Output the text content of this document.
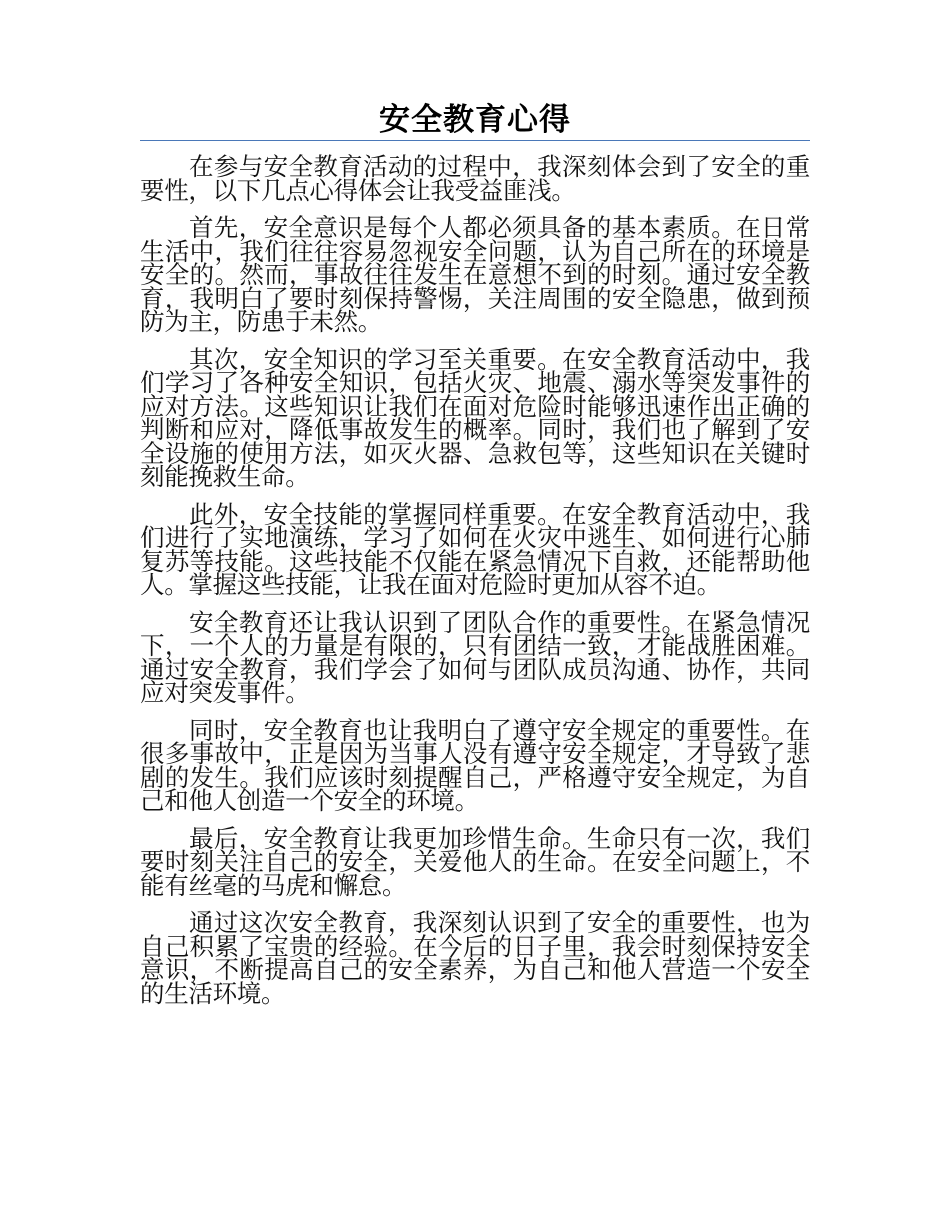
安全教育心得

在参与安全教育活动的过程中，我深刻体会到了安全的重要性，以下几点心得体会让我受益匪浅。

首先，安全意识是每个人都必须具备的基本素质。在日常生活中，我们往往容易忽视安全问题，认为自己所在的环境是安全的。然而，事故往往发生在意想不到的时刻。通过安全教育，我明白了要时刻保持警惕，关注周围的安全隐患，做到预防为主，防患于未然。

其次，安全知识的学习至关重要。在安全教育活动中，我们学习了各种安全知识，包括火灾、地震、溺水等突发事件的应对方法。这些知识让我们在面对危险时能够迅速作出正确的判断和应对，降低事故发生的概率。同时，我们也了解到了安全设施的使用方法，如灭火器、急救包等，这些知识在关键时刻能挽救生命。

此外，安全技能的掌握同样重要。在安全教育活动中，我们进行了实地演练，学习了如何在火灾中逃生、如何进行心肺复苏等技能。这些技能不仅能在紧急情况下自救，还能帮助他人。掌握这些技能，让我在面对危险时更加从容不迫。

安全教育还让我认识到了团队合作的重要性。在紧急情况下，一个人的力量是有限的，只有团结一致，才能战胜困难。通过安全教育，我们学会了如何与团队成员沟通、协作，共同应对突发事件。

同时，安全教育也让我明白了遵守安全规定的重要性。在很多事故中，正是因为当事人没有遵守安全规定，才导致了悲剧的发生。我们应该时刻提醒自己，严格遵守安全规定，为自己和他人创造一个安全的环境。

最后，安全教育让我更加珍惜生命。生命只有一次，我们要时刻关注自己的安全，关爱他人的生命。在安全问题上，不能有丝毫的马虎和懈怠。

通过这次安全教育，我深刻认识到了安全的重要性，也为自己积累了宝贵的经验。在今后的日子里，我会时刻保持安全意识，不断提高自己的安全素养，为自己和他人营造一个安全的生活环境。
